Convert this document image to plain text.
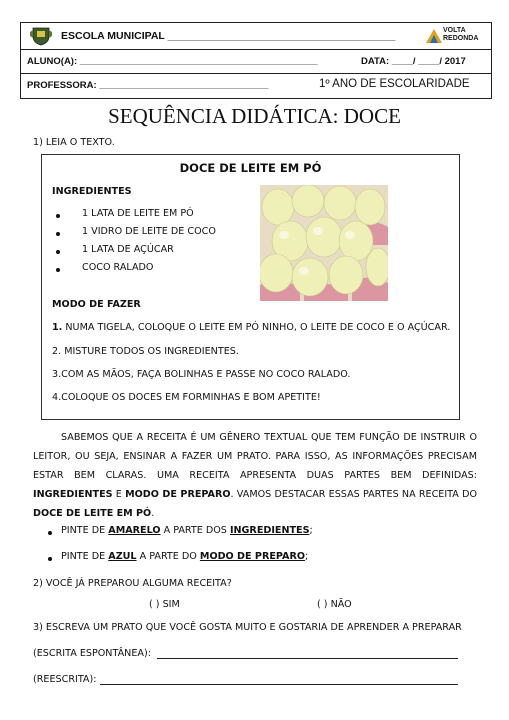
ESCOLA MUNICIPAL _______________________________________	VOLTA
REDONDA
ALUNO(A): _____________________________________________	DATA: ____/ ____/ 2017
PROFESSORA: ________________________________	1º ANO DE ESCOLARIDADE
SEQUÊNCIA DIDÁTICA: DOCE
1) LEIA O TEXTO.
DOCE DE LEITE EM PÓ
INGREDIENTES
1 LATA DE LEITE EM PÓ
1 VIDRO DE LEITE DE COCO
1 LATA DE AÇÚCAR
COCO RALADO
MODO DE FAZER
1. NUMA TIGELA, COLOQUE O LEITE EM PÓ NINHO, O LEITE DE COCO E O AÇÚCAR.
2. MISTURE TODOS OS INGREDIENTES.
3.COM AS MÃOS, FAÇA BOLINHAS E PASSE NO COCO RALADO.
4.COLOQUE OS DOCES EM FORMINHAS E BOM APETITE!
SABEMOS QUE A RECEITA É UM GÊNERO TEXTUAL QUE TEM FUNÇÃO DE INSTRUIR O LEITOR, OU SEJA, ENSINAR A FAZER UM PRATO. PARA ISSO, AS INFORMAÇÕES PRECISAM ESTAR BEM CLARAS. UMA RECEITA APRESENTA DUAS PARTES BEM DEFINIDAS: INGREDIENTES E MODO DE PREPARO. VAMOS DESTACAR ESSAS PARTES NA RECEITA DO DOCE DE LEITE EM PÓ.
PINTE DE AMARELO A PARTE DOS INGREDIENTES;
PINTE DE AZUL A PARTE DO MODO DE PREPARO;
2) VOCÊ JÁ PREPAROU ALGUMA RECEITA?
( ) SIM	( ) NÃO
3) ESCREVA UM PRATO QUE VOCÊ GOSTA MUITO E GOSTARIA DE APRENDER A PREPARAR
(ESCRITA ESPONTÂNEA):
(REESCRITA):
